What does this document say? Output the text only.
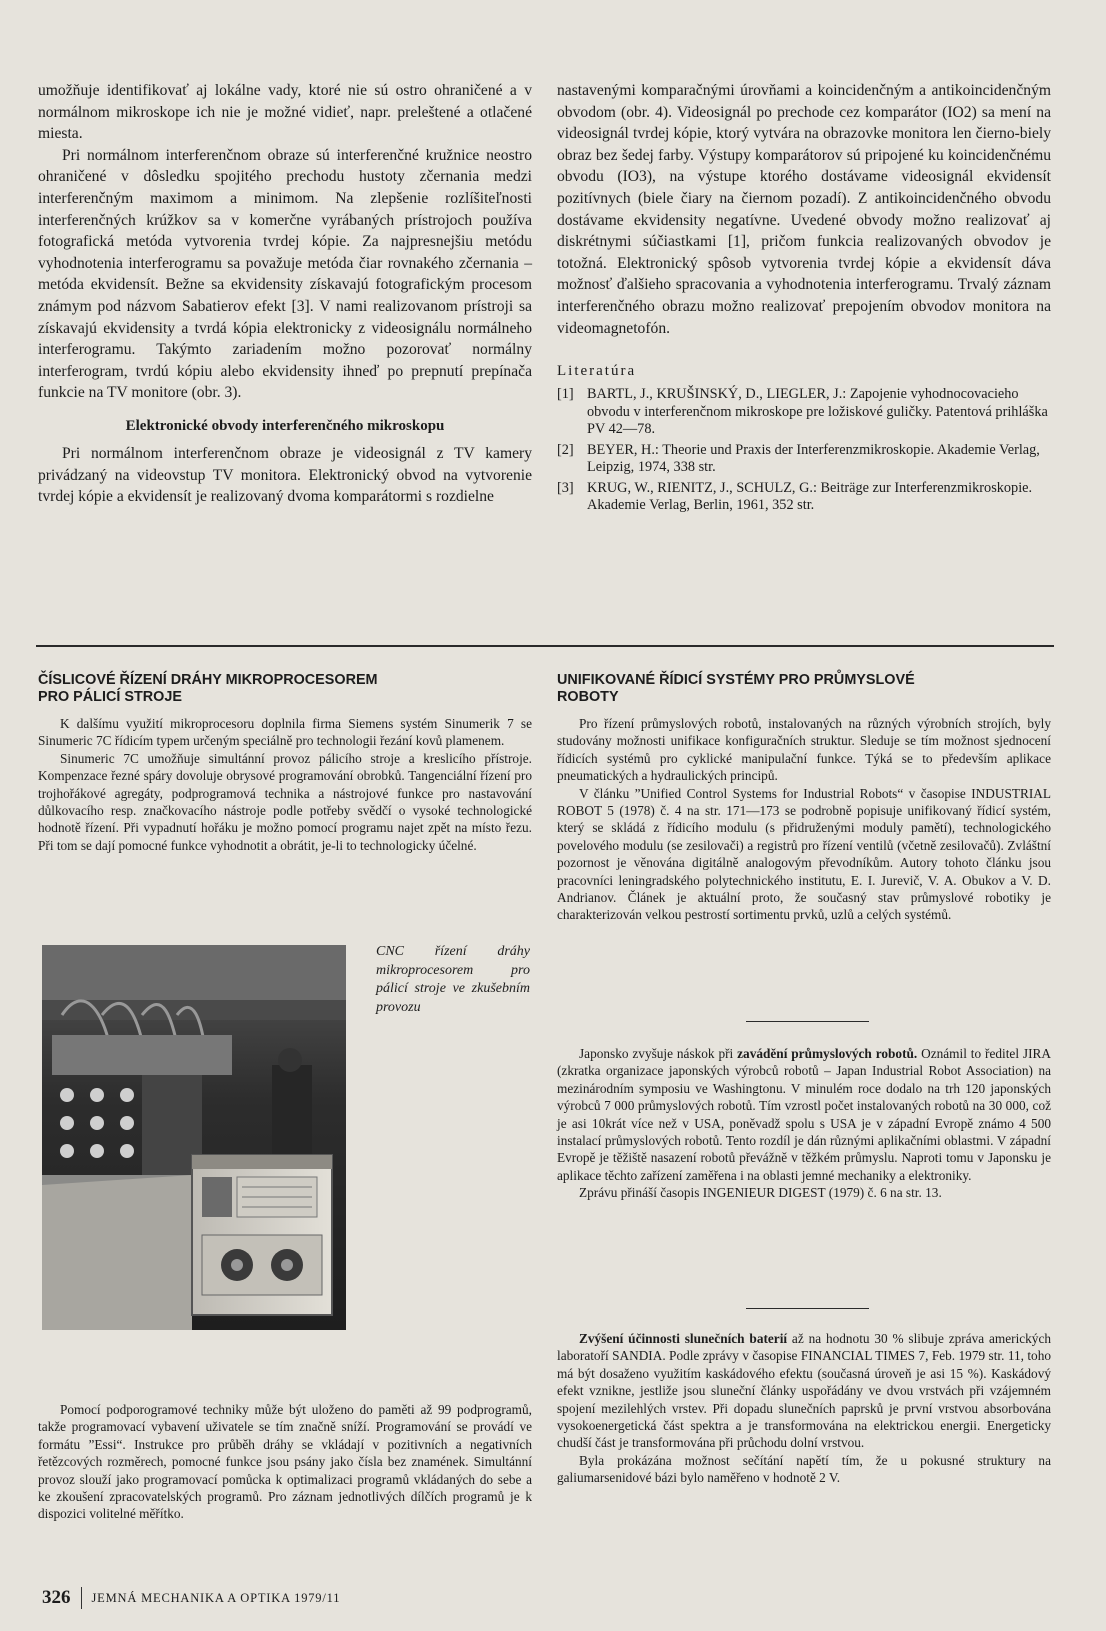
umožňuje identifikovať aj lokálne vady, ktoré nie sú ostro ohraničené a v normálnom mikroskope ich nie je možné vidieť, napr. preleštené a otlačené miesta.

Pri normálnom interferenčnom obraze sú interferenčné kružnice neostro ohraničené v dôsledku spojitého prechodu hustoty zčernania medzi interferenčným maximom a minimom. Na zlepšenie rozlíšiteľnosti interferenčných krúžkov sa v komerčne vyrábaných prístrojoch používa fotografická metóda vytvorenia tvrdej kópie. Za najpresnejšiu metódu vyhodnotenia interferogramu sa považuje metóda čiar rovnakého zčernania – metóda ekvidensít. Bežne sa ekvidensity získavajú fotografickým procesom známym pod názvom Sabatierov efekt [3]. V nami realizovanom prístroji sa získavajú ekvidensity a tvrdá kópia elektronicky z videosignálu normálneho interferogramu. Takýmto zariadením možno pozorovať normálny interferogram, tvrdú kópiu alebo ekvidensity ihneď po prepnutí prepínača funkcie na TV monitore (obr. 3).

Elektronické obvody interferenčného mikroskopu

Pri normálnom interferenčnom obraze je videosignál z TV kamery privádzaný na videovstup TV monitora. Elektronický obvod na vytvorenie tvrdej kópie a ekvidensít je realizovaný dvoma komparátormi s rozdielne

nastavenými komparačnými úrovňami a koincidenčným a antikoincidenčným obvodom (obr. 4). Videosignál po prechode cez komparátor (IO2) sa mení na videosignál tvrdej kópie, ktorý vytvára na obrazovke monitora len čierno-biely obraz bez šedej farby. Výstupy komparátorov sú pripojené ku koincidenčnému obvodu (IO3), na výstupe ktorého dostávame videosignál ekvidensít pozitívnych (biele čiary na čiernom pozadí). Z antikoincidenčného obvodu dostávame ekvidensity negatívne. Uvedené obvody možno realizovať aj diskrétnymi súčiastkami [1], pričom funkcia realizovaných obvodov je totožná. Elektronický spôsob vytvorenia tvrdej kópie a ekvidensít dáva možnosť ďalšieho spracovania a vyhodnotenia interferogramu. Trvalý záznam interferenčného obrazu možno realizovať prepojením obvodov monitora na videomagnetofón.

Literatúra
[1] BARTL, J., KRUŠINSKÝ, D., LIEGLER, J.: Zapojenie vyhodnocovacieho obvodu v interferenčnom mikroskope pre ložiskové guličky. Patentová prihláška PV 42—78.
[2] BEYER, H.: Theorie und Praxis der Interferenzmikroskopie. Akademie Verlag, Leipzig, 1974, 338 str.
[3] KRUG, W., RIENITZ, J., SCHULZ, G.: Beiträge zur Interferenzmikroskopie. Akademie Verlag, Berlin, 1961, 352 str.
ČÍSLICOVÉ ŘÍZENÍ DRÁHY MIKROPROCESOREM
PRO PÁLICÍ STROJE

K dalšímu využití mikroprocesoru doplnila firma Siemens systém Sinumerik 7 se Sinumeric 7C řídicím typem určeným speciálně pro technologii řezání kovů plamenem.

Sinumeric 7C umožňuje simultánní provoz pálicího stroje a kreslicího přístroje. Kompenzace řezné spáry dovoluje obrysové programování obrobků. Tangenciální řízení pro trojhořákové agregáty, podprogramová technika a nástrojové funkce pro nastavování důlkovacího resp. značkovacího nástroje podle potřeby svědčí o vysoké technologické hodnotě řízení. Při vypadnutí hořáku je možno pomocí programu najet zpět na místo řezu. Při tom se dají pomocné funkce vyhodnotit a obrátit, je-li to technologicky účelné.

CNC řízení dráhy mikroprocesorem pro pálicí stroje ve zkušebním provozu

Pomocí podporogramové techniky může být uloženo do paměti až 99 podprogramů, takže programovací vybavení uživatele se tím značně sníží. Programování se provádí ve formátu ”Essi“. Instrukce pro průběh dráhy se vkládají v pozitivních a negativních řetězcových rozměrech, pomocné funkce jsou psány jako čísla bez znamének. Simultánní provoz slouží jako programovací pomůcka k optimalizaci programů vkládaných do sebe a ke zkoušení zpracovatelských programů. Pro záznam jednotlivých dílčích programů je k dispozici volitelné měřítko.

UNIFIKOVANÉ ŘÍDICÍ SYSTÉMY PRO PRŮMYSLOVÉ
ROBOTY

Pro řízení průmyslových robotů, instalovaných na různých výrobních strojích, byly studovány možnosti unifikace konfiguračních struktur. Sleduje se tím možnost sjednocení řídicích systémů pro cyklické manipulační funkce. Týká se to především aplikace pneumatických a hydraulických principů.

V článku ”Unified Control Systems for Industrial Robots“ v časopise INDUSTRIAL ROBOT 5 (1978) č. 4 na str. 171—173 se podrobně popisuje unifikovaný řídicí systém, který se skládá z řídicího modulu (s přidruženými moduly pamětí), technologického povelového modulu (se zesilovači) a registrů pro řízení ventilů (včetně zesilovačů). Zvláštní pozornost je věnována digitálně analogovým převodníkům. Autory tohoto článku jsou pracovníci leningradského polytechnického institutu, E. I. Jurevič, V. A. Obukov a V. D. Andrianov. Článek je aktuální proto, že současný stav průmyslové robotiky je charakterizován velkou pestrostí sortimentu prvků, uzlů a celých systémů.

Japonsko zvyšuje náskok při zavádění průmyslových robotů. Oznámil to ředitel JIRA (zkratka organizace japonských výrobců robotů – Japan Industrial Robot Association) na mezinárodním symposiu ve Washingtonu. V minulém roce dodalo na trh 120 japonských výrobců 7 000 průmyslových robotů. Tím vzrostl počet instalovaných robotů na 30 000, což je asi 10krát více než v USA, poněvadž spolu s USA je v západní Evropě známo 4 500 instalací průmyslových robotů. Tento rozdíl je dán různými aplikačními oblastmi. V západní Evropě je těžiště nasazení robotů převážně v těžkém průmyslu. Naproti tomu v Japonsku je aplikace těchto zařízení zaměřena i na oblasti jemné mechaniky a elektroniky.

Zprávu přináší časopis INGENIEUR DIGEST (1979) č. 6 na str. 13.

Zvýšení účinnosti slunečních baterií až na hodnotu 30 % slibuje zpráva amerických laboratoří SANDIA. Podle zprávy v časopise FINANCIAL TIMES 7, Feb. 1979 str. 11, toho má být dosaženo využitím kaskádového efektu (současná úroveň je asi 15 %). Kaskádový efekt vznikne, jestliže jsou sluneční články uspořádány ve dvou vrstvách při vzájemném spojení mezilehlých vrstev. Při dopadu slunečních paprsků je první vrstvou absorbována vysokoenergetická část spektra a je transformována na elektrickou energii. Energeticky chudší část je transformována při průchodu dolní vrstvou.

Byla prokázána možnost sečítání napětí tím, že u pokusné struktury na galiumarsenidové bázi bylo naměřeno v hodnotě 2 V.

326 JEMNÁ MECHANIKA A OPTIKA 1979/11
